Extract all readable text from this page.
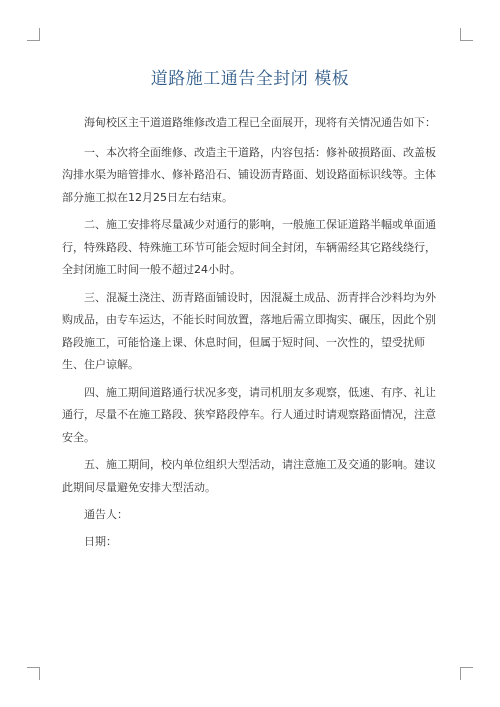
道路施工通告全封闭 模板

海甸校区主干道道路维修改造工程已全面展开，现将有关情况通告如下：

一、本次将全面维修、改造主干道路，内容包括：修补破损路面、改盖板沟排水渠为暗管排水、修补路沿石、铺设沥青路面、划设路面标识线等。主体部分施工拟在12月25日左右结束。

二、施工安排将尽量减少对通行的影响，一般施工保证道路半幅或单面通行，特殊路段、特殊施工环节可能会短时间全封闭，车辆需经其它路线绕行，全封闭施工时间一般不超过24小时。

三、混凝土浇注、沥青路面铺设时，因混凝土成品、沥青拌合沙料均为外购成品，由专车运达，不能长时间放置，落地后需立即掏实、碾压，因此个别路段施工，可能恰逢上课、休息时间，但属于短时间、一次性的，望受扰师生、住户谅解。

四、施工期间道路通行状况多变，请司机朋友多观察，低速、有序、礼让通行，尽量不在施工路段、狭窄路段停车。行人通过时请观察路面情况，注意安全。

五、施工期间，校内单位组织大型活动，请注意施工及交通的影响。建议此期间尽量避免安排大型活动。

通告人：

日期：
